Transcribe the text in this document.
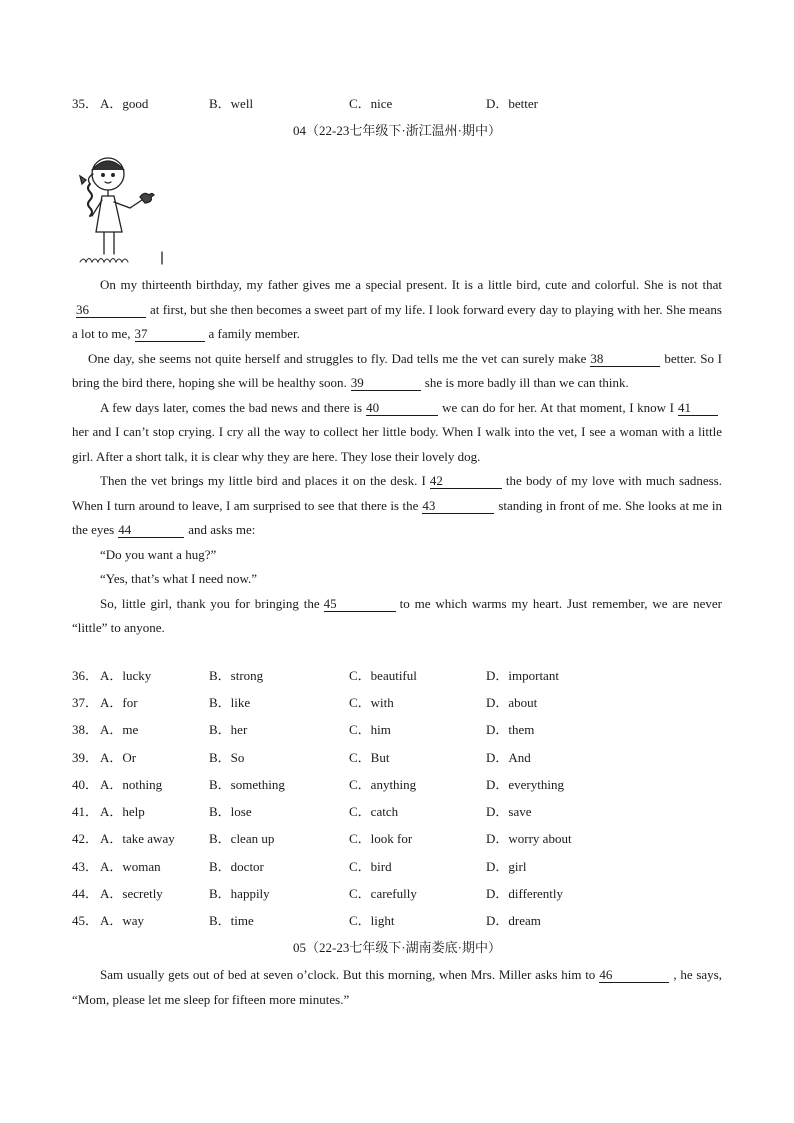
35． A．good	B．well	C．nice	D．better
04（22-23七年级下·浙江温州·期中）

On my thirteenth birthday, my father gives me a special present. It is a little bird, cute and colorful. She is not that36	at first, but she then becomes a sweet part of my life. I look forward every day to playing with her. She means a lot to me, 37	a family member.

One day, she seems not quite herself and struggles to fly. Dad tells me the vet can surely make 38	better. So I bring the bird there, hoping she will be healthy soon. 39	she is more badly ill than we can think.

A few days later, comes the bad news and there is 40	we can do for her. At that moment, I know I 41her and I can’t stop crying. I cry all the way to collect her little body. When I walk into the vet, I see a woman with a little girl. After a short talk, it is clear why they are here. They lose their lovely dog.

Then the vet brings my little bird and places it on the desk. I 42	the body of my love with much sadness. When I turn around to leave, I am surprised to see that there is the 43	standing in front of me. She looks at me in the eyes 44	and asks me:

“Do you want a hug?”

“Yes, that’s what I need now.”

So, little girl, thank you for bringing the 45	to me which warms my heart. Just remember, we are never “little” to anyone.

36． A．lucky	B．strong	C．beautiful	D．important
37． A．for	B．like	C．with	D．about
38． A．me	B．her	C．him	D．them
39． A．Or	B．So	C．But	D．And
40． A．nothing	B．something	C．anything	D．everything
41． A．help	B．lose	C．catch	D．save
42． A．take away	B．clean up	C．look for	D．worry about
43． A．woman	B．doctor	C．bird	D．girl
44． A．secretly	B．happily	C．carefully	D．differently
45． A．way	B．time	C．light	D．dream
05（22-23七年级下·湖南娄底·期中）

Sam usually gets out of bed at seven o’clock. But this morning, when Mrs. Miller asks him to 46	, he says, “Mom, please let me sleep for fifteen more minutes.”
